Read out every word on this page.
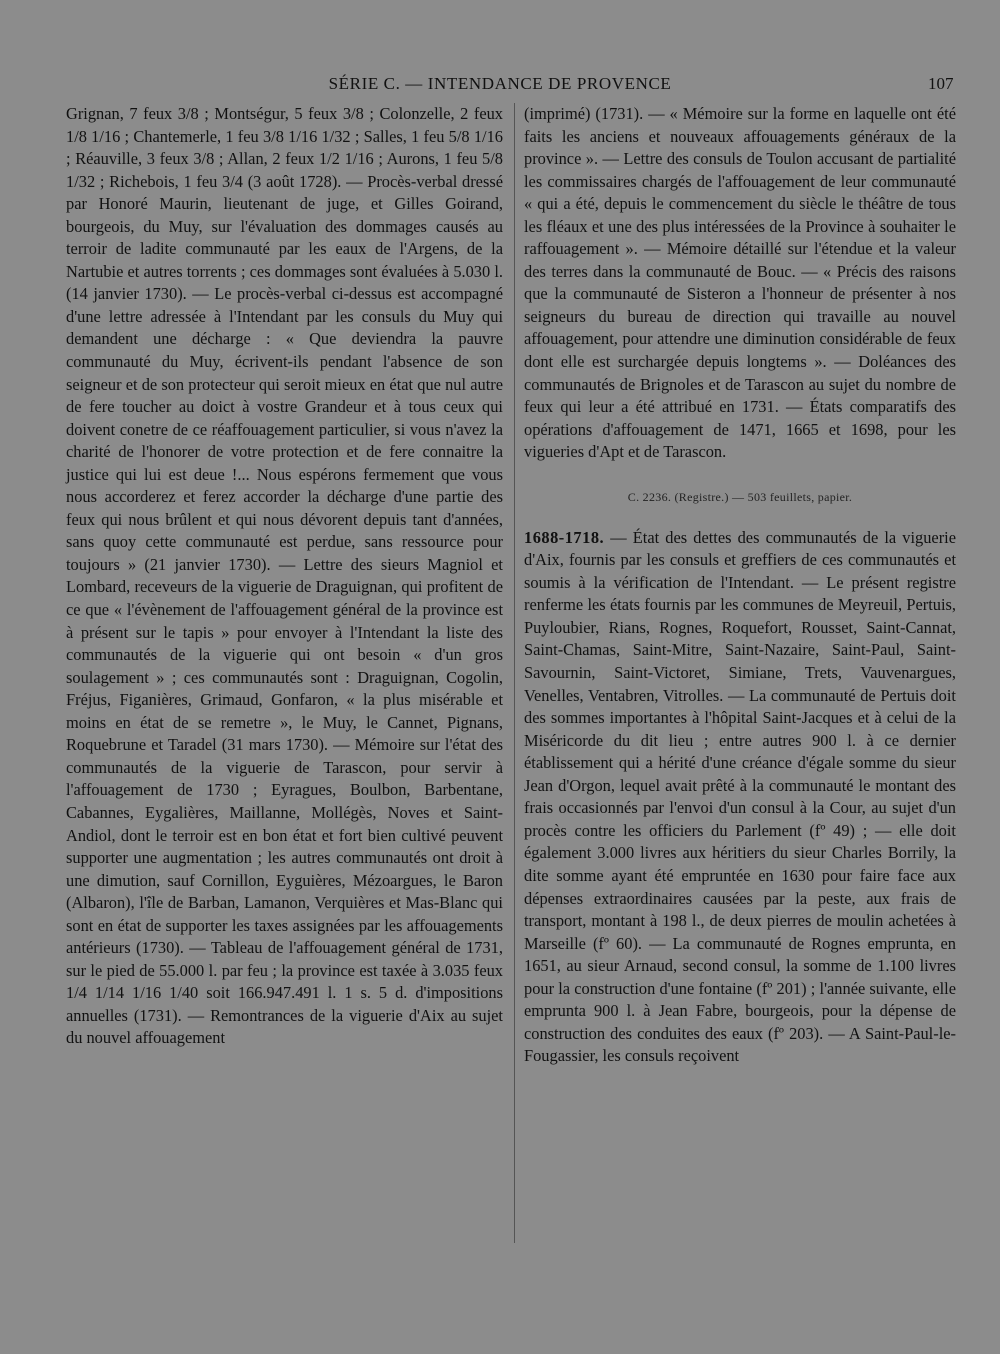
SÉRIE C. — INTENDANCE DE PROVENCE	107

Grignan, 7 feux 3/8 ; Montségur, 5 feux 3/8 ; Colonzelle, 2 feux 1/8 1/16 ; Chantemerle, 1 feu 3/8 1/16 1/32 ; Salles, 1 feu 5/8 1/16 ; Réauville, 3 feux 3/8 ; Allan, 2 feux 1/2 1/16 ; Aurons, 1 feu 5/8 1/32 ; Richebois, 1 feu 3/4 (3 août 1728). — Procès-verbal dressé par Honoré Maurin, lieutenant de juge, et Gilles Goirand, bourgeois, du Muy, sur l'évaluation des dommages causés au terroir de ladite communauté par les eaux de l'Argens, de la Nartubie et autres torrents ; ces dommages sont évaluées à 5.030 l. (14 janvier 1730). — Le procès-verbal ci-dessus est accompagné d'une lettre adressée à l'Intendant par les consuls du Muy qui demandent une décharge : « Que deviendra la pauvre communauté du Muy, écrivent-ils pendant l'absence de son seigneur et de son protecteur qui seroit mieux en état que nul autre de fere toucher au doict à vostre Grandeur et à tous ceux qui doivent conetre de ce réaffouagement particulier, si vous n'avez la charité de l'honorer de votre protection et de fere connaitre la justice qui lui est deue !... Nous espérons fermement que vous nous accorderez et ferez accorder la décharge d'une partie des feux qui nous brûlent et qui nous dévorent depuis tant d'années, sans quoy cette communauté est perdue, sans ressource pour toujours » (21 janvier 1730). — Lettre des sieurs Magniol et Lombard, receveurs de la viguerie de Draguignan, qui profitent de ce que « l'évènement de l'affouagement général de la province est à présent sur le tapis » pour envoyer à l'Intendant la liste des communautés de la viguerie qui ont besoin « d'un gros soulagement » ; ces communautés sont : Draguignan, Cogolin, Fréjus, Figanières, Grimaud, Gonfaron, « la plus misérable et moins en état de se remetre », le Muy, le Cannet, Pignans, Roquebrune et Taradel (31 mars 1730). — Mémoire sur l'état des communautés de la viguerie de Tarascon, pour servir à l'affouagement de 1730 ; Eyragues, Boulbon, Barbentane, Cabannes, Eygalières, Maillanne, Mollégès, Noves et Saint-Andiol, dont le terroir est en bon état et fort bien cultivé peuvent supporter une augmentation ; les autres communautés ont droit à une dimution, sauf Cornillon, Eyguières, Mézoargues, le Baron (Albaron), l'île de Barban, Lamanon, Verquières et Mas-Blanc qui sont en état de supporter les taxes assignées par les affouagements antérieurs (1730). — Tableau de l'affouagement général de 1731, sur le pied de 55.000 l. par feu ; la province est taxée à 3.035 feux 1/4 1/14 1/16 1/40 soit 166.947.491 l. 1 s. 5 d. d'impositions annuelles (1731). — Remontrances de la viguerie d'Aix au sujet du nouvel affouagement

(imprimé) (1731). — « Mémoire sur la forme en laquelle ont été faits les anciens et nouveaux affouagements généraux de la province ». — Lettre des consuls de Toulon accusant de partialité les commissaires chargés de l'affouagement de leur communauté « qui a été, depuis le commencement du siècle le théâtre de tous les fléaux et une des plus intéressées de la Province à souhaiter le raffouagement ». — Mémoire détaillé sur l'étendue et la valeur des terres dans la communauté de Bouc. — « Précis des raisons que la communauté de Sisteron a l'honneur de présenter à nos seigneurs du bureau de direction qui travaille au nouvel affouagement, pour attendre une diminution considérable de feux dont elle est surchargée depuis longtems ». — Doléances des communautés de Brignoles et de Tarascon au sujet du nombre de feux qui leur a été attribué en 1731. — États comparatifs des opérations d'affouagement de 1471, 1665 et 1698, pour les vigueries d'Apt et de Tarascon.

C. 2236. (Registre.) — 503 feuillets, papier.

1688-1718. — État des dettes des communautés de la viguerie d'Aix, fournis par les consuls et greffiers de ces communautés et soumis à la vérification de l'Intendant. — Le présent registre renferme les états fournis par les communes de Meyreuil, Pertuis, Puyloubier, Rians, Rognes, Roquefort, Rousset, Saint-Cannat, Saint-Chamas, Saint-Mitre, Saint-Nazaire, Saint-Paul, Saint-Savournin, Saint-Victoret, Simiane, Trets, Vauvenargues, Venelles, Ventabren, Vitrolles. — La communauté de Pertuis doit des sommes importantes à l'hôpital Saint-Jacques et à celui de la Miséricorde du dit lieu ; entre autres 900 l. à ce dernier établissement qui a hérité d'une créance d'égale somme du sieur Jean d'Orgon, lequel avait prêté à la communauté le montant des frais occasionnés par l'envoi d'un consul à la Cour, au sujet d'un procès contre les officiers du Parlement (fº 49) ; — elle doit également 3.000 livres aux héritiers du sieur Charles Borrily, la dite somme ayant été empruntée en 1630 pour faire face aux dépenses extraordinaires causées par la peste, aux frais de transport, montant à 198 l., de deux pierres de moulin achetées à Marseille (fº 60). — La communauté de Rognes emprunta, en 1651, au sieur Arnaud, second consul, la somme de 1.100 livres pour la construction d'une fontaine (fº 201) ; l'année suivante, elle emprunta 900 l. à Jean Fabre, bourgeois, pour la dépense de construction des conduites des eaux (fº 203). — A Saint-Paul-le-Fougassier, les consuls reçoivent
